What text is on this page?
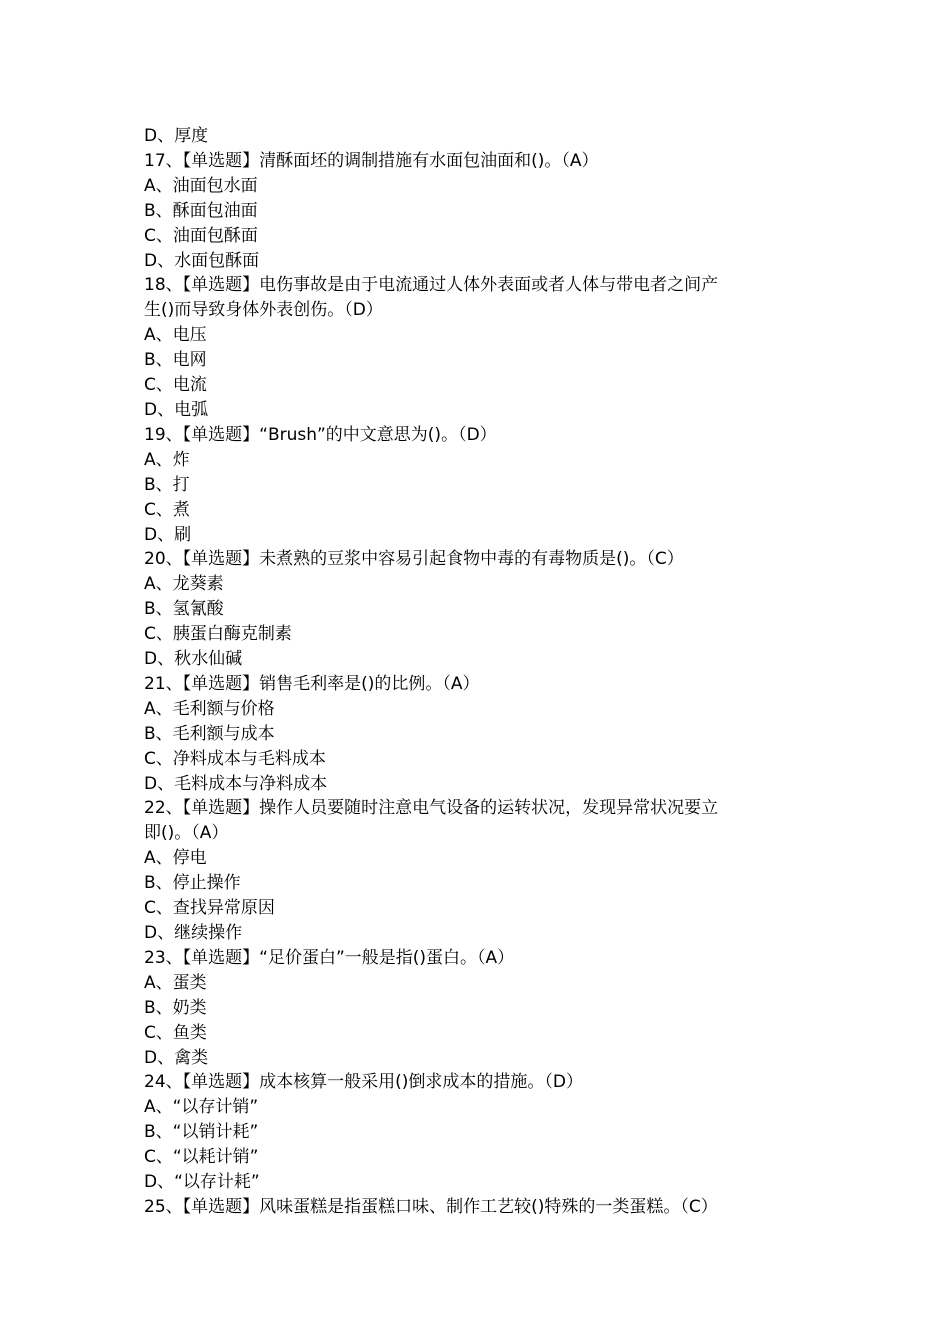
D、厚度
17、【单选题】清酥面坯的调制措施有水面包油面和()。（A）
A、油面包水面
B、酥面包油面
C、油面包酥面
D、水面包酥面
18、【单选题】电伤事故是由于电流通过人体外表面或者人体与带电者之间产
生()而导致身体外表创伤。（D）
A、电压
B、电网
C、电流
D、电弧
19、【单选题】“Brush”的中文意思为()。（D）
A、炸
B、打
C、煮
D、刷
20、【单选题】未煮熟的豆浆中容易引起食物中毒的有毒物质是()。（C）
A、龙葵素
B、氢氰酸
C、胰蛋白酶克制素
D、秋水仙碱
21、【单选题】销售毛利率是()的比例。（A）
A、毛利额与价格
B、毛利额与成本
C、净料成本与毛料成本
D、毛料成本与净料成本
22、【单选题】操作人员要随时注意电气设备的运转状况，发现异常状况要立
即()。（A）
A、停电
B、停止操作
C、查找异常原因
D、继续操作
23、【单选题】“足价蛋白”一般是指()蛋白。（A）
A、蛋类
B、奶类
C、鱼类
D、禽类
24、【单选题】成本核算一般采用()倒求成本的措施。（D）
A、“以存计销”
B、“以销计耗”
C、“以耗计销”
D、“以存计耗”
25、【单选题】风味蛋糕是指蛋糕口味、制作工艺较()特殊的一类蛋糕。（C）
